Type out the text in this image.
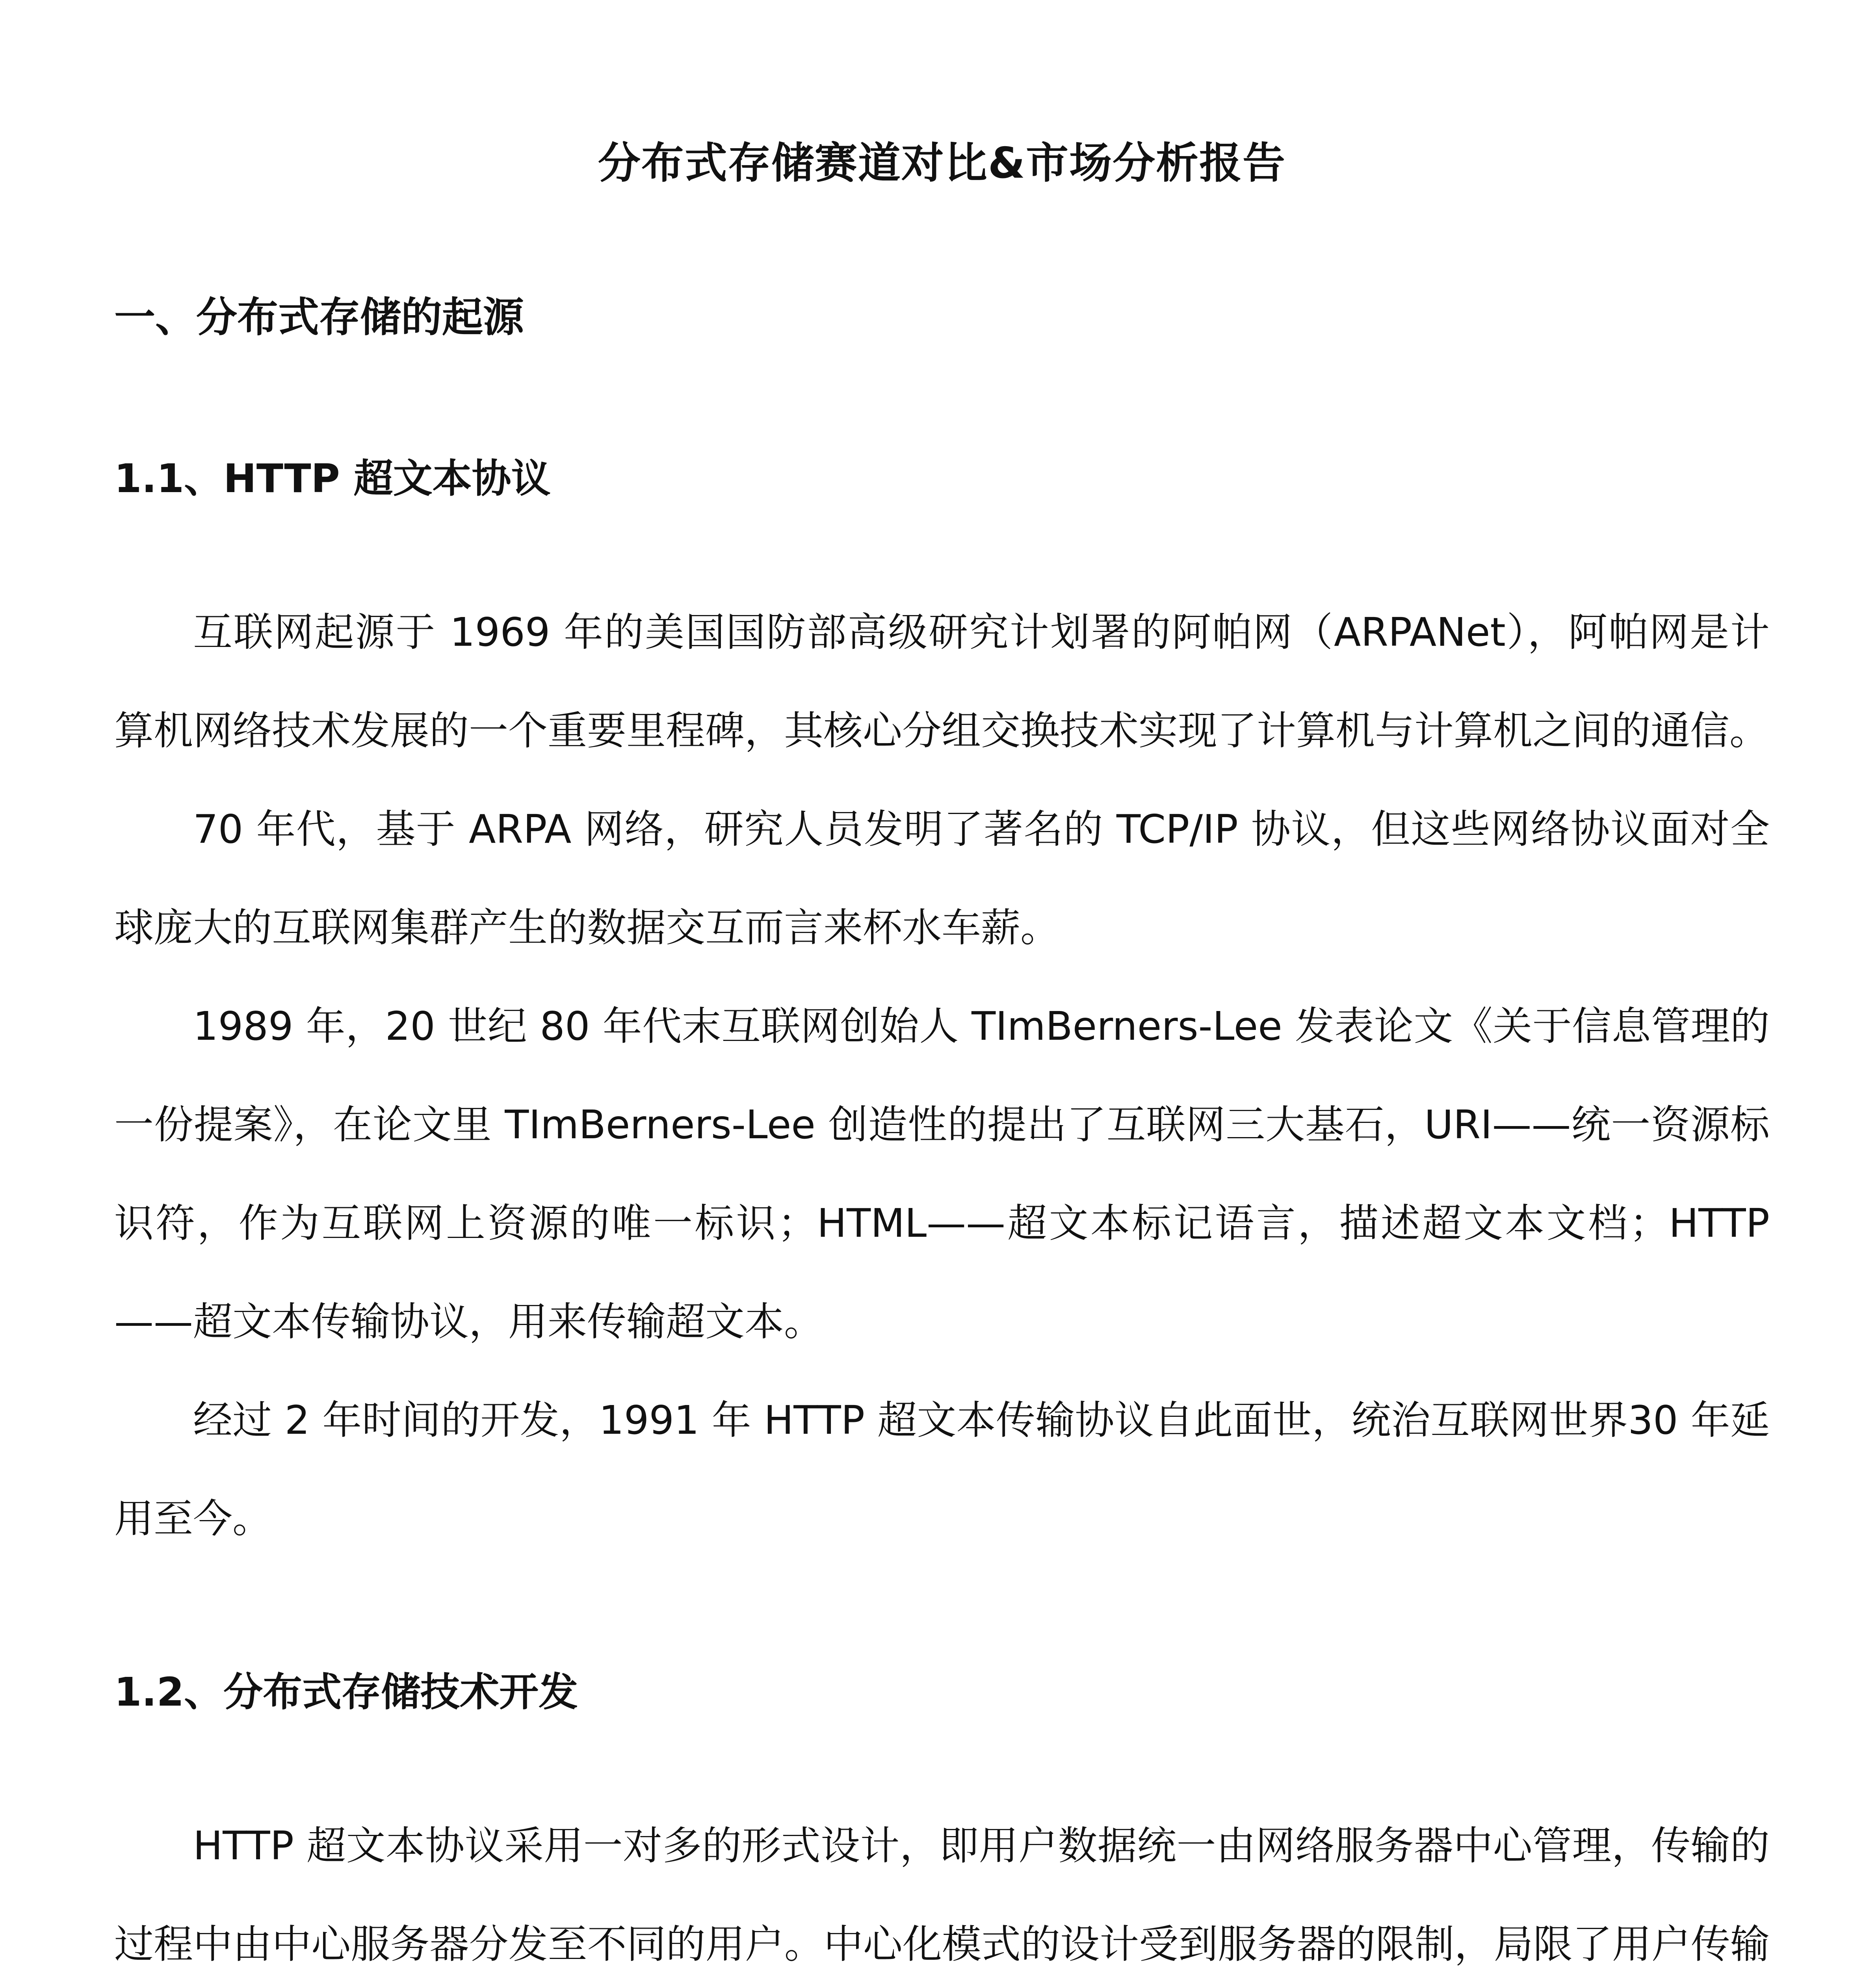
分布式存储赛道对比&市场分析报告
一、分布式存储的起源
1.1、HTTP 超文本协议

互联网起源于 1969 年的美国国防部高级研究计划署的阿帕网（ARPANet），阿帕网是计算机网络技术发展的一个重要里程碑，其核心分组交换技术实现了计算机与计算机之间的通信。

70 年代，基于 ARPA 网络，研究人员发明了著名的 TCP/IP 协议，但这些网络协议面对全球庞大的互联网集群产生的数据交互而言来杯水车薪。

1989 年，20 世纪 80 年代末互联网创始人 TImBerners-Lee 发表论文《关于信息管理的一份提案》，在论文里 TImBerners-Lee 创造性的提出了互联网三大基石，URI——统一资源标识符，作为互联网上资源的唯一标识；HTML——超文本标记语言，描述超文本文档；HTTP——超文本传输协议，用来传输超文本。

经过 2 年时间的开发，1991 年 HTTP 超文本传输协议自此面世，统治互联网世界30 年延用至今。

1.2、分布式存储技术开发

HTTP 超文本协议采用一对多的形式设计，即用户数据统一由网络服务器中心管理，传输的过程中由中心服务器分发至不同的用户。中心化模式的设计受到服务器的限制，局限了用户传输
